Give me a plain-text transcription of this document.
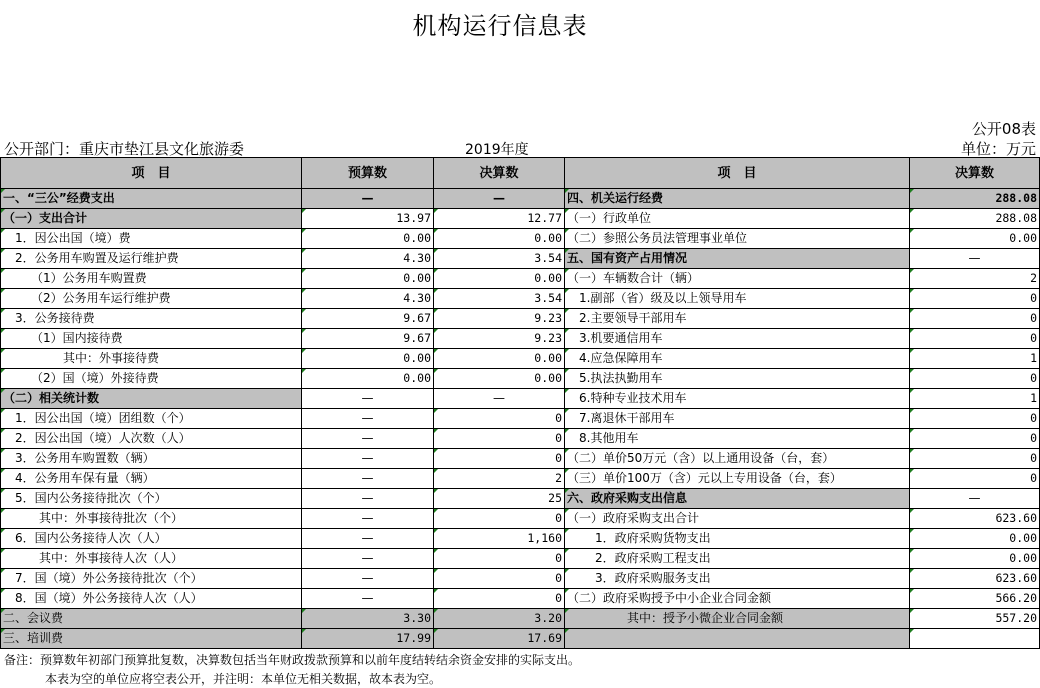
机构运行信息表
公开08表
公开部门：重庆市垫江县文化旅游委	2019年度	单位：万元
项　目	预算数	决算数	项　目	决算数
一、“三公”经费支出	—	—	四、机关运行经费	288.08
（一）支出合计	13.97	12.77	（一）行政单位	288.08
1．因公出国（境）费	0.00	0.00	（二）参照公务员法管理事业单位	0.00
2．公务用车购置及运行维护费	4.30	3.54	五、国有资产占用情况	—
（1）公务用车购置费	0.00	0.00	（一）车辆数合计（辆）	2
（2）公务用车运行维护费	4.30	3.54	1.副部（省）级及以上领导用车	0
3．公务接待费	9.67	9.23	2.主要领导干部用车	0
（1）国内接待费	9.67	9.23	3.机要通信用车	0
其中：外事接待费	0.00	0.00	4.应急保障用车	1
（2）国（境）外接待费	0.00	0.00	5.执法执勤用车	0
（二）相关统计数	—	—	6.特种专业技术用车	1
1．因公出国（境）团组数（个）	—	0	7.离退休干部用车	0
2．因公出国（境）人次数（人）	—	0	8.其他用车	0
3．公务用车购置数（辆）	—	0	（二）单价50万元（含）以上通用设备（台，套）	0
4．公务用车保有量（辆）	—	2	（三）单价100万（含）元以上专用设备（台，套）	0
5．国内公务接待批次（个）	—	25	六、政府采购支出信息	—
其中：外事接待批次（个）	—	0	（一）政府采购支出合计	623.60
6．国内公务接待人次（人）	—	1,160	1．政府采购货物支出	0.00
其中：外事接待人次（人）	—	0	2．政府采购工程支出	0.00
7．国（境）外公务接待批次（个）	—	0	3．政府采购服务支出	623.60
8．国（境）外公务接待人次（人）	—	0	（二）政府采购授予中小企业合同金额	566.20
二、会议费	3.30	3.20	其中：授予小微企业合同金额	557.20
三、培训费	17.99	17.69		
备注：预算数年初部门预算批复数，决算数包括当年财政拨款预算和以前年度结转结余资金安排的实际支出。
本表为空的单位应将空表公开，并注明：本单位无相关数据，故本表为空。
